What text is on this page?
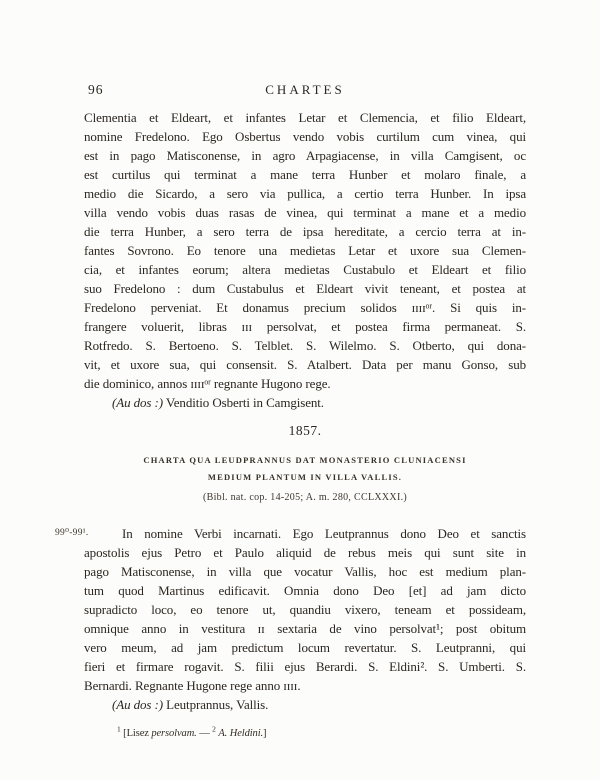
96	CHARTES
Clementia et Eldeart, et infantes Letar et Clemencia, et filio Eldeart,
nomine Fredelono. Ego Osbertus vendo vobis curtilum cum vinea, qui
est in pago Matisconense, in agro Arpagiacense, in villa Camgisent, oc
est curtilus qui terminat a mane terra Hunber et molaro finale, a
medio die Sicardo, a sero via pullica, a certio terra Hunber. In ipsa
villa vendo vobis duas rasas de vinea, qui terminat a mane et a medio
die terra Hunber, a sero terra de ipsa hereditate, a cercio terra at in-
fantes Sovrono. Eo tenore una medietas Letar et uxore sua Clemen-
cia, et infantes eorum; altera medietas Custabulo et Eldeart et filio
suo Fredelono : dum Custabulus et Eldeart vivit teneant, et postea at
Fredelono perveniat. Et donamus precium solidos ɪɪɪɪᵒʳ. Si quis in-
frangere voluerit, libras ɪɪɪ persolvat, et postea firma permaneat. S.
Rotfredo. S. Bertoeno. S. Telblet. S. Wilelmo. S. Otberto, qui dona-
vit, et uxore sua, qui consensit. S. Atalbert. Data per manu Gonso, sub
die dominico, annos ɪɪɪɪᵒʳ regnante Hugono rege.
(Au dos :) Venditio Osberti in Camgisent.
1857.
CHARTA QUA LEUDPRANNUS DAT MONASTERIO CLUNIACENSI
MEDIUM PLANTUM IN VILLA VALLIS.
(Bibl. nat. cop. 14-205; A. m. 280, CCLXXXI.)
99⁰-99¹.	In nomine Verbi incarnati. Ego Leutprannus dono Deo et sanctis
apostolis ejus Petro et Paulo aliquid de rebus meis qui sunt site in
pago Matisconense, in villa que vocatur Vallis, hoc est medium plan-
tum quod Martinus edificavit. Omnia dono Deo [et] ad jam dicto
supradicto loco, eo tenore ut, quandiu vixero, teneam et possideam,
omnique anno in vestitura ɪɪ sextaria de vino persolvat¹; post obitum
vero meum, ad jam predictum locum revertatur. S. Leutpranni, qui
fieri et firmare rogavit. S. filii ejus Berardi. S. Eldini². S. Umberti. S.
Bernardi. Regnante Hugone rege anno ɪɪɪɪ.
(Au dos :) Leutprannus, Vallis.
$^1$ [Lisez persolvam. — $^2$ A. Heldini.]
